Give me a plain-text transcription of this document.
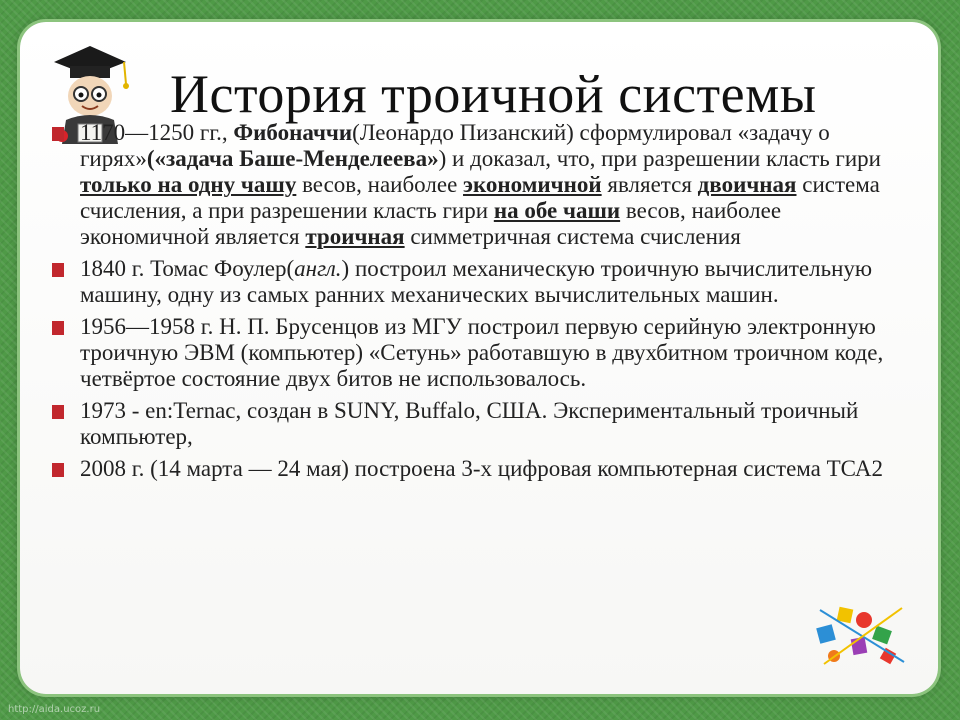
История троичной системы
1170—1250 гг., Фибоначчи(Леонардо Пизанский) сформулировал «задачу о гирях»(«задача Баше-Менделеева») и доказал, что, при разрешении класть гири только на одну чашу весов, наиболее экономичной является двоичная система счисления, а при разрешении класть гири на обе чаши весов, наиболее экономичной является троичная симметричная система счисления
1840 г. Томас Фоулер(англ.) построил механическую троичную вычислительную машину, одну из самых ранних механических вычислительных машин.
1956—1958 г. Н. П. Брусенцов из МГУ построил первую серийную электронную троичную ЭВМ (компьютер) «Сетунь» работавшую в двухбитном троичном коде, четвёртое состояние двух битов не использовалось.
1973 - en:Ternac, создан в SUNY, Buffalo, США. Экспериментальный троичный компьютер,
2008 г. (14 марта — 24 мая) построена 3-х цифровая компьютерная система ТСА2
http://aida.ucoz.ru
